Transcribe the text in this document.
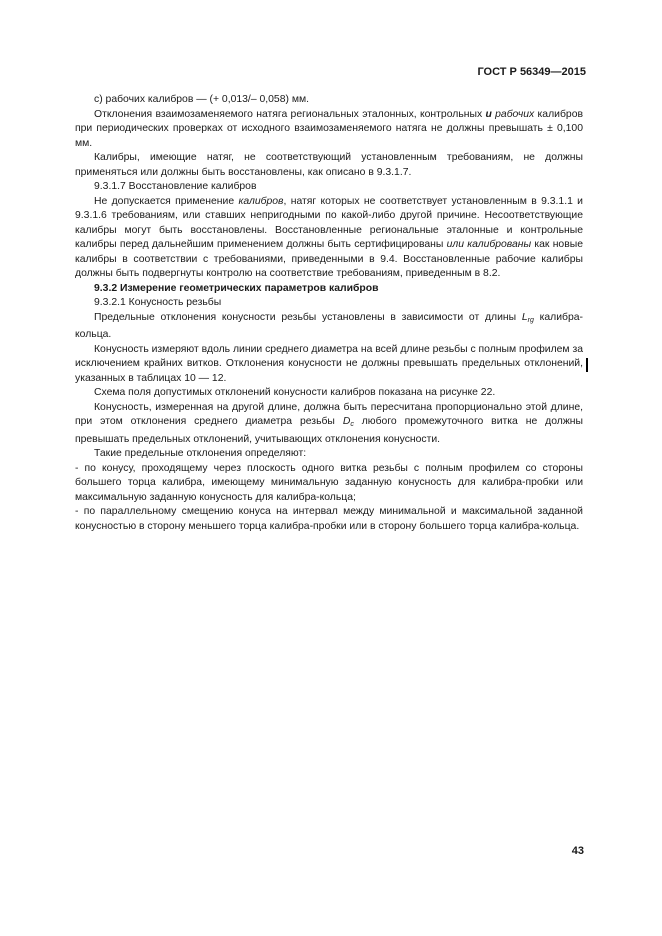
ГОСТ Р 56349—2015

с) рабочих калибров — (+ 0,013/– 0,058) мм.

Отклонения взаимозаменяемого натяга региональных эталонных, контрольных и рабочих калибров при периодических проверках от исходного взаимозаменяемого натяга не должны превышать ± 0,100 мм.

Калибры, имеющие натяг, не соответствующий установленным требованиям, не должны применяться или должны быть восстановлены, как описано в 9.3.1.7.

9.3.1.7 Восстановление калибров

Не допускается применение калибров, натяг которых не соответствует установленным в 9.3.1.1 и 9.3.1.6 требованиям, или ставших непригодными по какой-либо другой причине. Несоответствующие калибры могут быть восстановлены. Восстановленные региональные эталонные и контрольные калибры перед дальнейшим применением должны быть сертифицированы или калиброваны как новые калибры в соответствии с требованиями, приведенными в 9.4. Восстановленные рабочие калибры должны быть подвергнуты контролю на соответствие требованиям, приведенным в 8.2.

9.3.2 Измерение геометрических параметров калибров

9.3.2.1 Конусность резьбы

Предельные отклонения конусности резьбы установлены в зависимости от длины $L_{rg}$ калибра-кольца.

Конусность измеряют вдоль линии среднего диаметра на всей длине резьбы с полным профилем за исключением крайних витков. Отклонения конусности не должны превышать предельных отклонений, указанных в таблицах 10 — 12.

Схема поля допустимых отклонений конусности калибров показана на рисунке 22.

Конусность, измеренная на другой длине, должна быть пересчитана пропорционально этой длине, при этом отклонения среднего диаметра резьбы $D_c$ любого промежуточного витка не должны превышать предельных отклонений, учитывающих отклонения конусности.

Такие предельные отклонения определяют:

- по конусу, проходящему через плоскость одного витка резьбы с полным профилем со стороны большего торца калибра, имеющему минимальную заданную конусность для калибра-пробки или максимальную заданную конусность для калибра-кольца;

- по параллельному смещению конуса на интервал между минимальной и максимальной заданной конусностью в сторону меньшего торца калибра-пробки или в сторону большего торца калибра-кольца.

43
